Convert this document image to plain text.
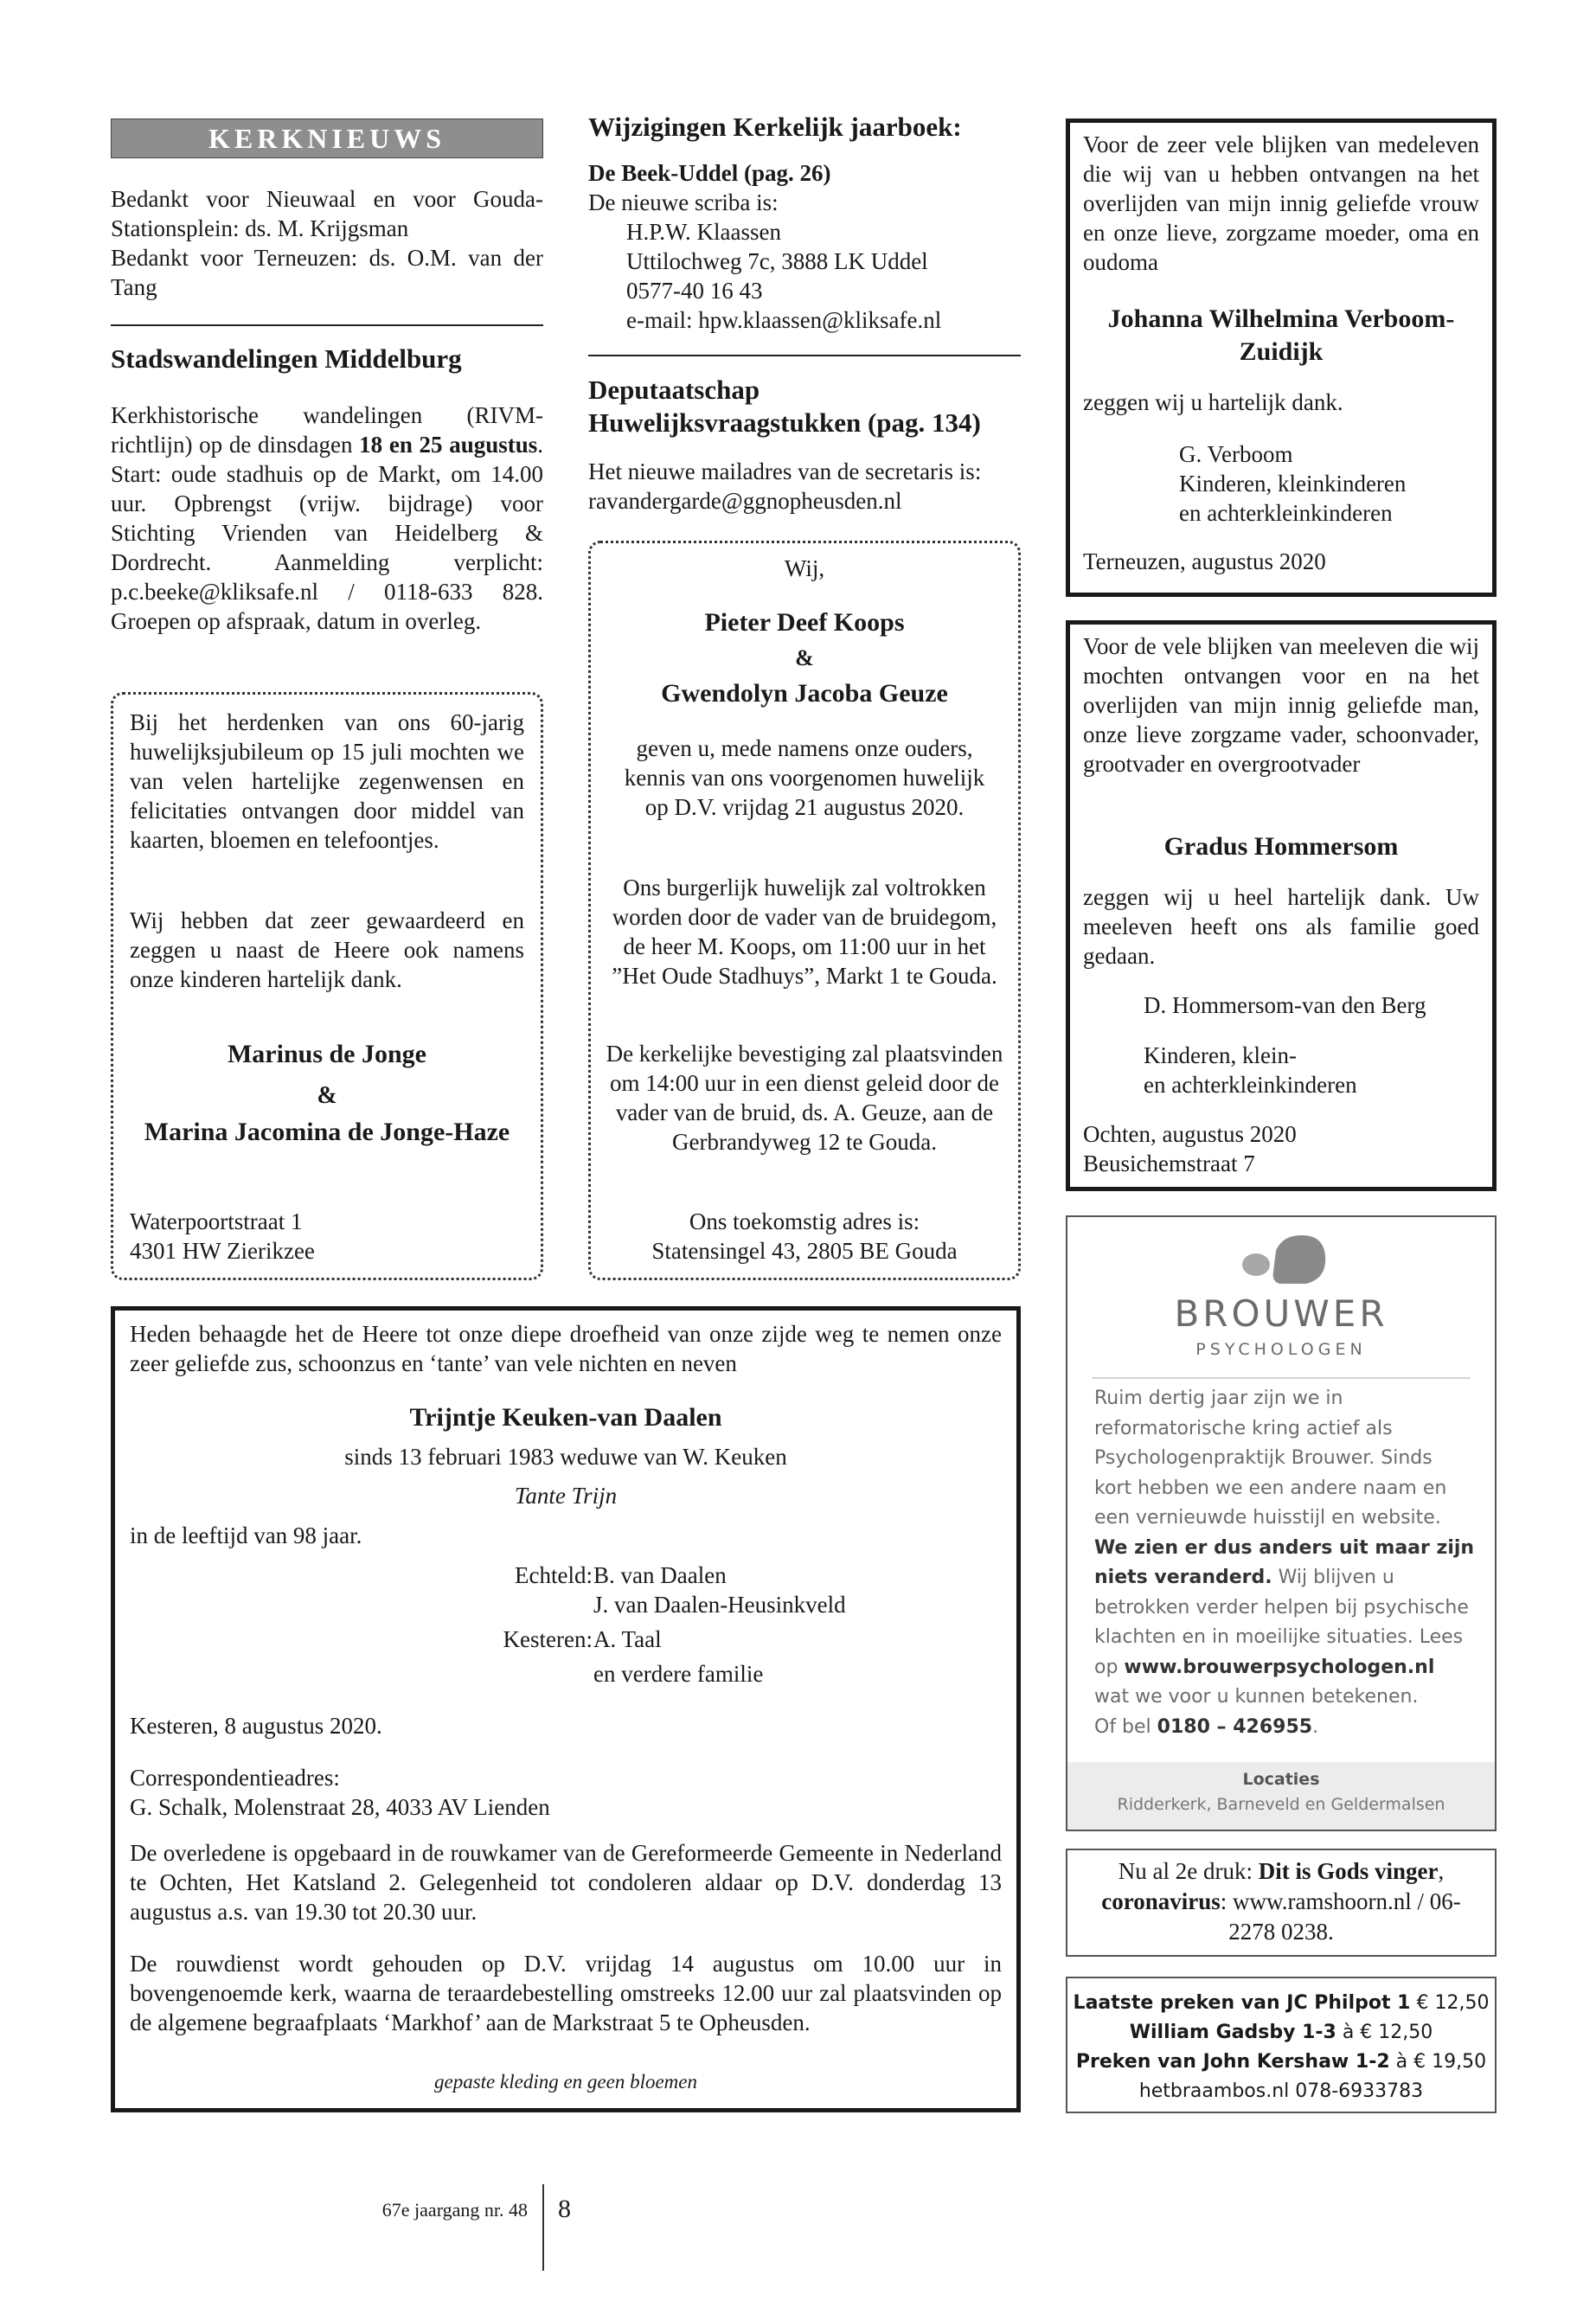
KERKNIEUWS
Bedankt voor Nieuwaal en voor Gouda-Stationsplein: ds. M. Krijgsman
Bedankt voor Terneuzen: ds. O.M. van der Tang
Stadswandelingen Middelburg
Kerkhistorische wandelingen (RIVM-richtlijn) op de dinsdagen 18 en 25 augustus. Start: oude stadhuis op de Markt, om 14.00 uur. Opbrengst (vrijw. bijdrage) voor Stichting Vrienden van Heidelberg & Dordrecht. Aanmelding verplicht: p.c.beeke@kliksafe.nl / 0118-633 828. Groepen op afspraak, datum in overleg.
Bij het herdenken van ons 60-jarig huwelijksjubileum op 15 juli mochten we van velen hartelijke zegenwensen en felicitaties ontvangen door middel van kaarten, bloemen en telefoontjes.
Wij hebben dat zeer gewaardeerd en zeggen u naast de Heere ook namens onze kinderen hartelijk dank.
Marinus de Jonge
&
Marina Jacomina de Jonge-Haze
Waterpoortstraat 1
4301 HW Zierikzee
Wijzigingen Kerkelijk jaarboek:
De Beek-Uddel (pag. 26)
De nieuwe scriba is:
H.P.W. Klaassen
Uttilochweg 7c, 3888 LK Uddel
0577-40 16 43
e-mail: hpw.klaassen@kliksafe.nl
Deputaatschap Huwelijksvraagstukken (pag. 134)
Het nieuwe mailadres van de secretaris is: ravandergarde@ggnopheusden.nl
Wij,
Pieter Deef Koops
&
Gwendolyn Jacoba Geuze
geven u, mede namens onze ouders, kennis van ons voorgenomen huwelijk op D.V. vrijdag 21 augustus 2020.
Ons burgerlijk huwelijk zal voltrokken worden door de vader van de bruidegom, de heer M. Koops, om 11:00 uur in het ”Het Oude Stadhuys”, Markt 1 te Gouda.
De kerkelijke bevestiging zal plaatsvinden om 14:00 uur in een dienst geleid door de vader van de bruid, ds. A. Geuze, aan de Gerbrandyweg 12 te Gouda.
Ons toekomstig adres is:
Statensingel 43, 2805 BE Gouda
Voor de zeer vele blijken van medeleven die wij van u hebben ontvangen na het overlijden van mijn innig geliefde vrouw en onze lieve, zorgzame moeder, oma en oudoma
Johanna Wilhelmina Verboom-Zuidijk
zeggen wij u hartelijk dank.
G. Verboom
Kinderen, kleinkinderen
en achterkleinkinderen
Terneuzen, augustus 2020
Voor de vele blijken van meeleven die wij mochten ontvangen voor en na het overlijden van mijn innig geliefde man, onze lieve zorgzame vader, schoonvader, grootvader en overgrootvader
Gradus Hommersom
zeggen wij u heel hartelijk dank. Uw meeleven heeft ons als familie goed gedaan.
D. Hommersom-van den Berg
Kinderen, klein-
en achterkleinkinderen
Ochten, augustus 2020
Beusichemstraat 7
BROUWER
PSYCHOLOGEN
Ruim dertig jaar zijn we in reformatorische kring actief als Psychologenpraktijk Brouwer. Sinds kort hebben we een andere naam en een vernieuwde huisstijl en website. We zien er dus anders uit maar zijn niets veranderd. Wij blijven u betrokken verder helpen bij psychische klachten en in moeilijke situaties. Lees op www.brouwerpsychologen.nl wat we voor u kunnen betekenen.
Of bel 0180 – 426955.
Locaties
Ridderkerk, Barneveld en Geldermalsen
Nu al 2e druk: Dit is Gods vinger, coronavirus: www.ramshoorn.nl / 06-2278 0238.
Laatste preken van JC Philpot 1 € 12,50
William Gadsby 1-3 à € 12,50
Preken van John Kershaw 1-2 à € 19,50
hetbraambos.nl 078-6933783
Heden behaagde het de Heere tot onze diepe droefheid van onze zijde weg te nemen onze zeer geliefde zus, schoonzus en ‘tante’ van vele nichten en neven
Trijntje Keuken-van Daalen
sinds 13 februari 1983 weduwe van W. Keuken
Tante Trijn
in de leeftijd van 98 jaar.
Echteld: B. van Daalen
J. van Daalen-Heusinkveld
Kesteren: A. Taal
en verdere familie
Kesteren, 8 augustus 2020.
Correspondentieadres:
G. Schalk, Molenstraat 28, 4033 AV Lienden
De overledene is opgebaard in de rouwkamer van de Gereformeerde Gemeente in Nederland te Ochten, Het Katsland 2. Gelegenheid tot condoleren aldaar op D.V. donderdag 13 augustus a.s. van 19.30 tot 20.30 uur.
De rouwdienst wordt gehouden op D.V. vrijdag 14 augustus om 10.00 uur in bovengenoemde kerk, waarna de teraardebestelling omstreeks 12.00 uur zal plaatsvinden op de algemene begraafplaats ‘Markhof’ aan de Markstraat 5 te Opheusden.
gepaste kleding en geen bloemen
67e jaargang nr. 48 8
